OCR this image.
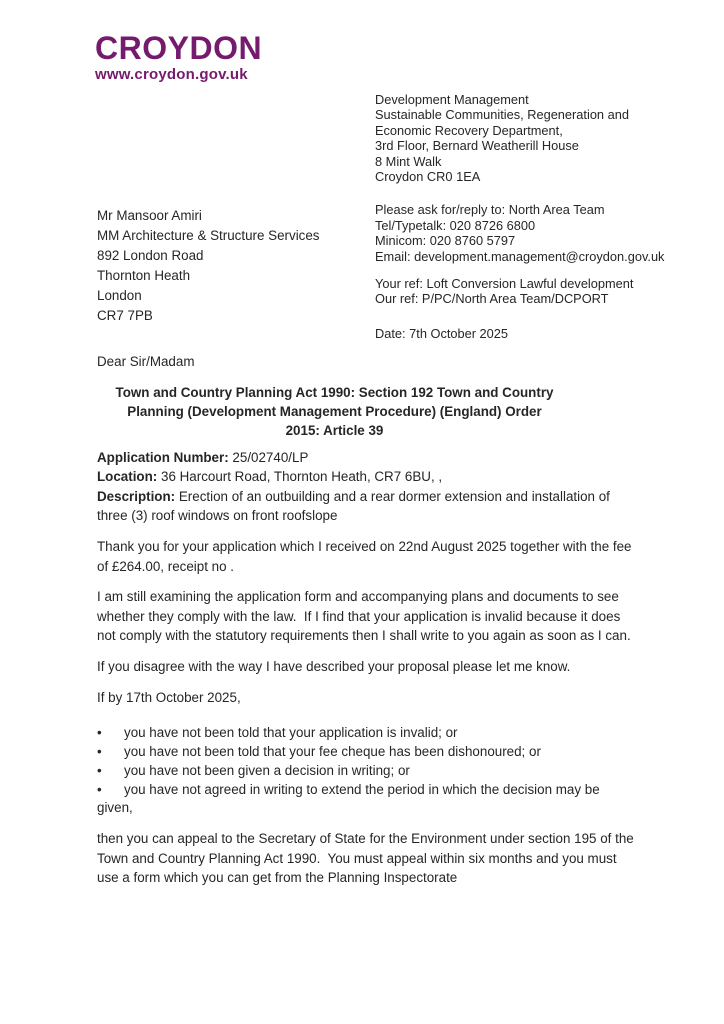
CROYDON
www.croydon.gov.uk
Development Management
Sustainable Communities, Regeneration and
Economic Recovery Department,
3rd Floor, Bernard Weatherill House
8 Mint Walk
Croydon CR0 1EA
Please ask for/reply to: North Area Team
Tel/Typetalk: 020 8726 6800
Minicom: 020 8760 5797
Email: development.management@croydon.gov.uk
Your ref: Loft Conversion Lawful development
Our ref: P/PC/North Area Team/DCPORT
Date: 7th October 2025
Mr Mansoor Amiri
MM Architecture & Structure Services
892 London Road
Thornton Heath
London
CR7 7PB

Dear Sir/Madam

Town and Country Planning Act 1990: Section 192 Town and Country Planning (Development Management Procedure) (England) Order 2015: Article 39
Application Number: 25/02740/LP
Location: 36 Harcourt Road, Thornton Heath, CR7 6BU, ,
Description: Erection of an outbuilding and a rear dormer extension and installation of three (3) roof windows on front roofslope

Thank you for your application which I received on 22nd August 2025 together with the fee of £264.00, receipt no .

I am still examining the application form and accompanying plans and documents to see whether they comply with the law.  If I find that your application is invalid because it does not comply with the statutory requirements then I shall write to you again as soon as I can.

If you disagree with the way I have described your proposal please let me know.

If by 17th October 2025,

• you have not been told that your application is invalid; or
• you have not been told that your fee cheque has been dishonoured; or
• you have not been given a decision in writing; or
• you have not agreed in writing to extend the period in which the decision may be given,

then you can appeal to the Secretary of State for the Environment under section 195 of the Town and Country Planning Act 1990.  You must appeal within six months and you must use a form which you can get from the Planning Inspectorate
